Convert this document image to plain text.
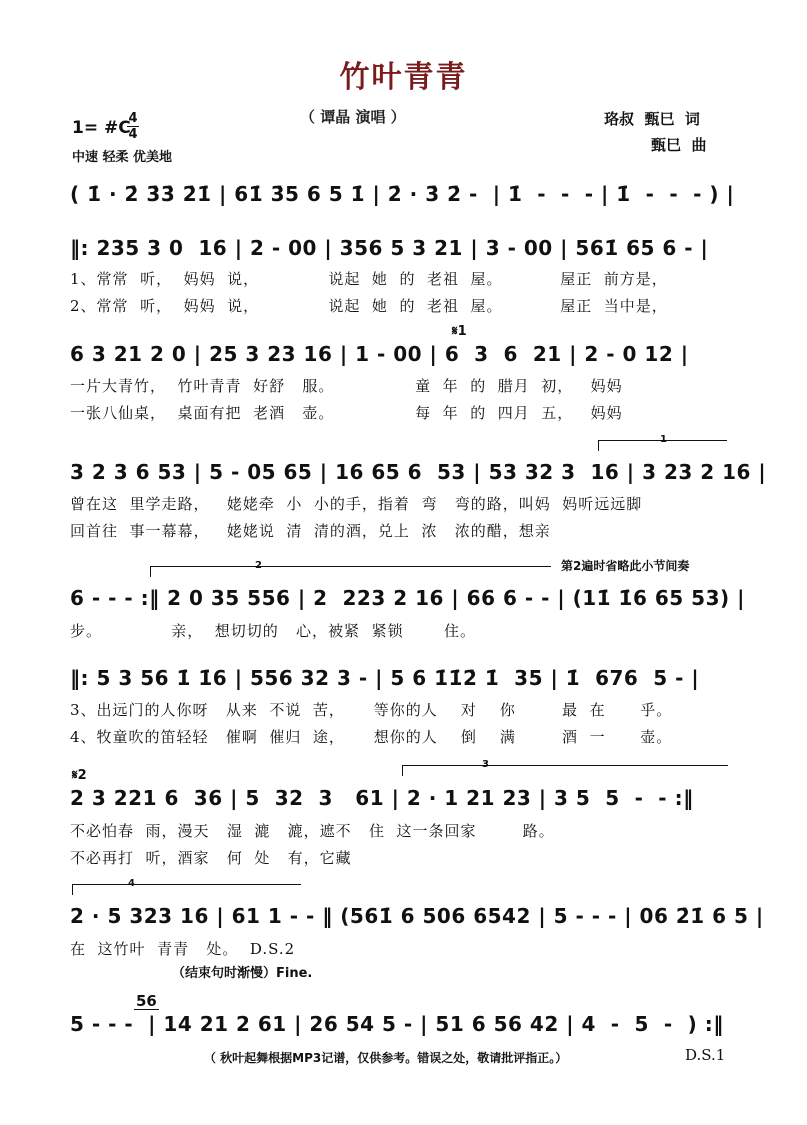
竹叶青青
（ 谭晶 演唱 ）
1= #C
4
4
中速 轻柔 优美地
珞叔  甄巳  词
甄巳  曲
( 1̇ · 2̇ 3̇3̇ 2̇1̇ | 61̇ 3̇5 6 5 1̇ | 2̇ · 3̇ 2̇ -  | 1̇  -  -  - | 1̇  -  -  - ) |
‖: 235 3 0  16 | 2 - 00 | 356 5 3 21 | 3 - 00 | 561̇ 65 6 - |
1、常常  听，  妈妈  说，            说起  她  的  老祖  屋。          屋正  前方是，
2、常常  听，  妈妈  说，            说起  她  的  老祖  屋。          屋正  当中是，
𝄋1
6 3 21 2 0 | 25 3 23 16 | 1 - 00 | 6  3  6  21 | 2 - 0 12 |
一片大青竹，  竹叶青青  好舒   服。              童  年  的  腊月  初，   妈妈
一张八仙桌，  桌面有把  老酒   壶。              每  年  的  四月  五，   妈妈
1
3 2 3 6 53 | 5 - 05 65 | 16 65 6  53 | 53 32 3  16 | 3 23 2 16 |
曾在这  里学走路，   姥姥牵  小  小的手，指着  弯   弯的路，叫妈  妈听远远脚
回首往  事一幕幕，   姥姥说  清  清的酒，兑上  浓   浓的醋，想亲
2	第2遍时省略此小节间奏
6 - - - :‖ 2 0 35 556 | 2  223 2 16 | 66 6 - - | (11̇ 1̇6 65 53) |
步。            亲，  想切切的   心，被紧  紧锁       住。
‖: 5 3 56 1̇ 1̇6 | 556 32 3 - | 5 6 1̇1̇2̇ 1̇  35 | 1̇  676  5 - |
3、出远门的人你呀   从来  不说  苦，     等你的人    对    你        最  在      乎。
4、牧童吹的笛轻轻   催啊  催归  途，     想你的人    倒    满        酒  一      壶。
𝄋2
3
2 3 221 6  36 | 5  32  3   61 | 2 · 1 21 23 | 3 5  5  -  - :‖
不必怕春  雨，漫天   湿  漉   漉，遮不   住  这一条回家        路。
不必再打  听，酒家   何  处   有，它藏
4
2 · 5 323 16 | 61 1 - - ‖ (561̇ 6 506 6542 | 5 - - - | 06 2̇1̇ 6 5 |
在  这竹叶  青青   处。  D.S.2
（结束句时渐慢）Fine.
56
5 - - -  | 14 21 2 61 | 26 54 5 - | 51 6 56 42 | 4  -  5  -  ) :‖
（ 秋叶起舞根据MP3记谱，仅供参考。错误之处，敬请批评指正。）	D.S.1
